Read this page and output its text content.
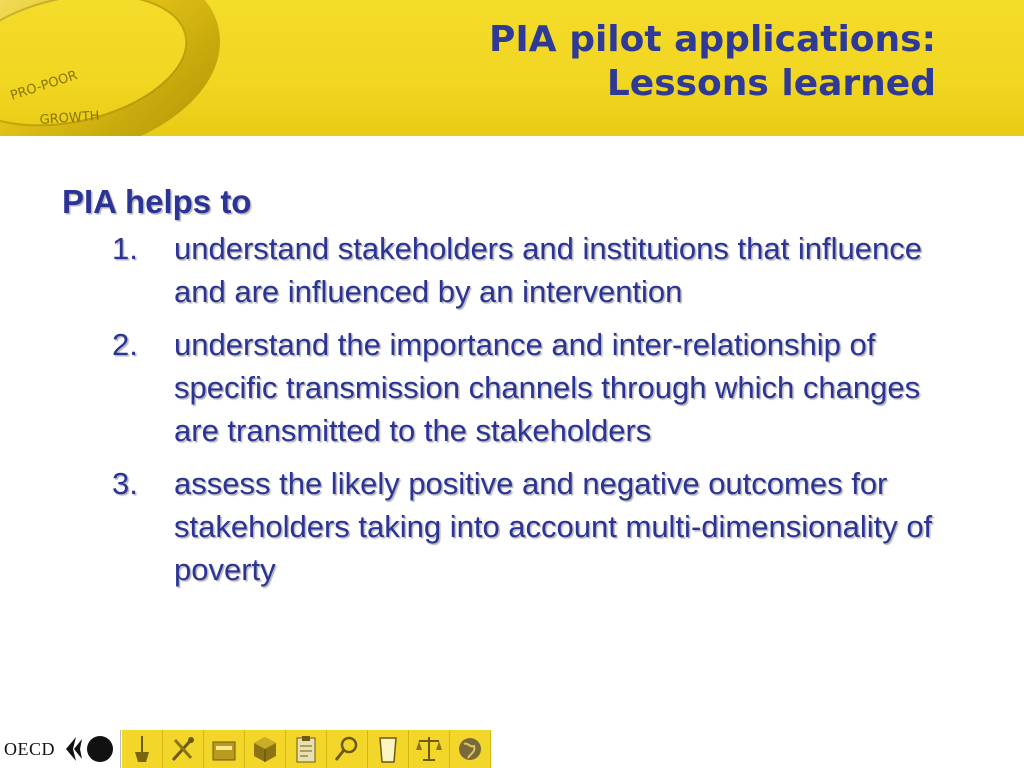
PRO-POOR
GROWTH
PIA pilot applications:
Lessons learned
PIA helps to
1. understand stakeholders and institutions that influence and are influenced by an intervention
2. understand the importance and inter-relationship of specific transmission channels through which changes are transmitted to the stakeholders
3. assess the likely positive and negative outcomes for stakeholders taking into account multi-dimensionality of poverty
OECD
